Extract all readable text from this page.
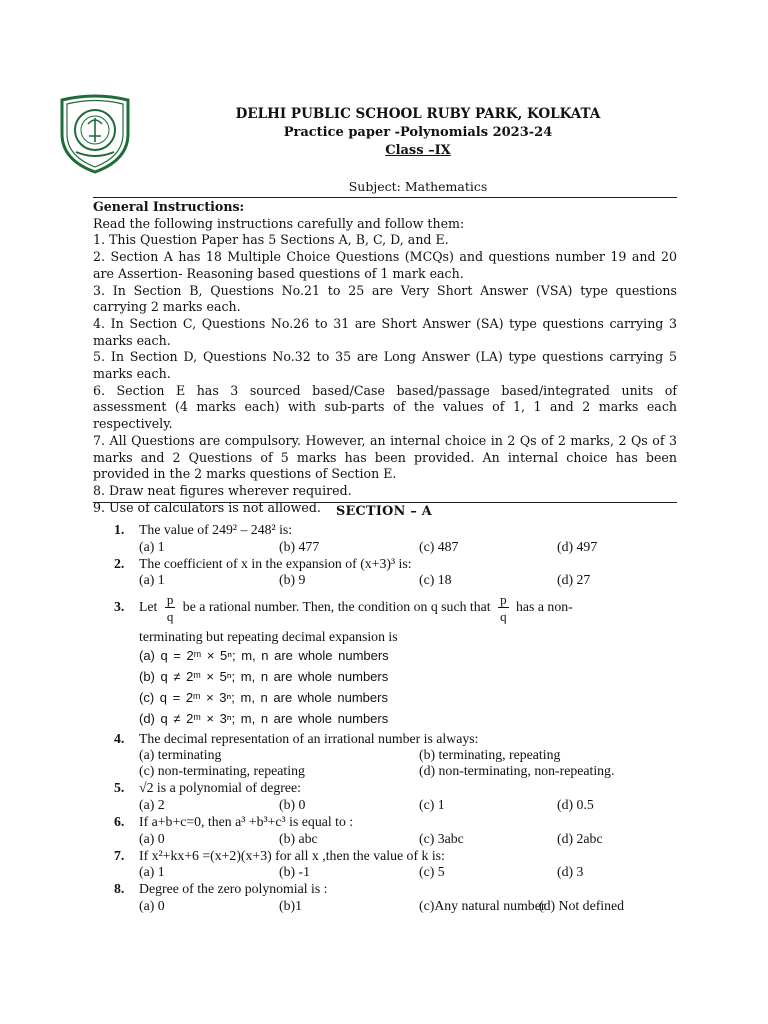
DELHI PUBLIC SCHOOL RUBY PARK, KOLKATA
Practice paper -Polynomials 2023-24
Class –IX
Subject: Mathematics

General Instructions:

Read the following instructions carefully and follow them:

1. This Question Paper has 5 Sections A, B, C, D, and E.

2. Section A has 18 Multiple Choice Questions (MCQs) and questions number 19 and 20 are Assertion- Reasoning based questions of 1 mark each.

3. In Section B, Questions No.21 to 25 are Very Short Answer (VSA) type questions carrying 2 marks each.

4. In Section C, Questions No.26 to 31 are Short Answer (SA) type questions carrying 3 marks each.

5. In Section D, Questions No.32 to 35 are Long Answer (LA) type questions carrying 5 marks each.

6. Section E has 3 sourced based/Case based/passage based/integrated units of assessment (4 marks each) with sub-parts of the values of 1, 1 and 2 marks each respectively.

7. All Questions are compulsory. However, an internal choice in 2 Qs of 2 marks, 2 Qs of 3 marks and 2 Questions of 5 marks has been provided. An internal choice has been provided in the 2 marks questions of Section E.

8. Draw neat figures wherever required.

9. Use of calculators is not allowed.	SECTION – A
1. The value of 249² – 248² is:
(a) 1	(b) 477	(c) 487	(d) 497
2. The coefficient of x in the expansion of (x+3)³ is:
(a) 1	(b) 9	(c) 18	(d) 27
3. Let $\frac{p}{q}$ be a rational number. Then, the condition on q such that $\frac{p}{q}$ has a non-
terminating but repeating decimal expansion is
(a) q = 2ᵐ × 5ⁿ; m, n are whole numbers
(b) q ≠ 2ᵐ × 5ⁿ; m, n are whole numbers
(c) q = 2ᵐ × 3ⁿ; m, n are whole numbers
(d) q ≠ 2ᵐ × 3ⁿ; m, n are whole numbers
4. The decimal representation of an irrational number is always:
(a) terminating	(b) terminating, repeating
(c) non-terminating, repeating	(d) non-terminating, non-repeating.
5. √2 is a polynomial of degree:
(a) 2	(b) 0	(c) 1	(d) 0.5
6. If a+b+c=0, then a³ +b³+c³ is equal to :
(a) 0	(b) abc	(c) 3abc	(d) 2abc
7. If x²+kx+6 =(x+2)(x+3) for all x ,then the value of k is:
(a) 1	(b) -1	(c) 5	(d) 3
8. Degree of the zero polynomial is :
(a) 0	(b)1	(c)Any natural number
(d) Not defined
